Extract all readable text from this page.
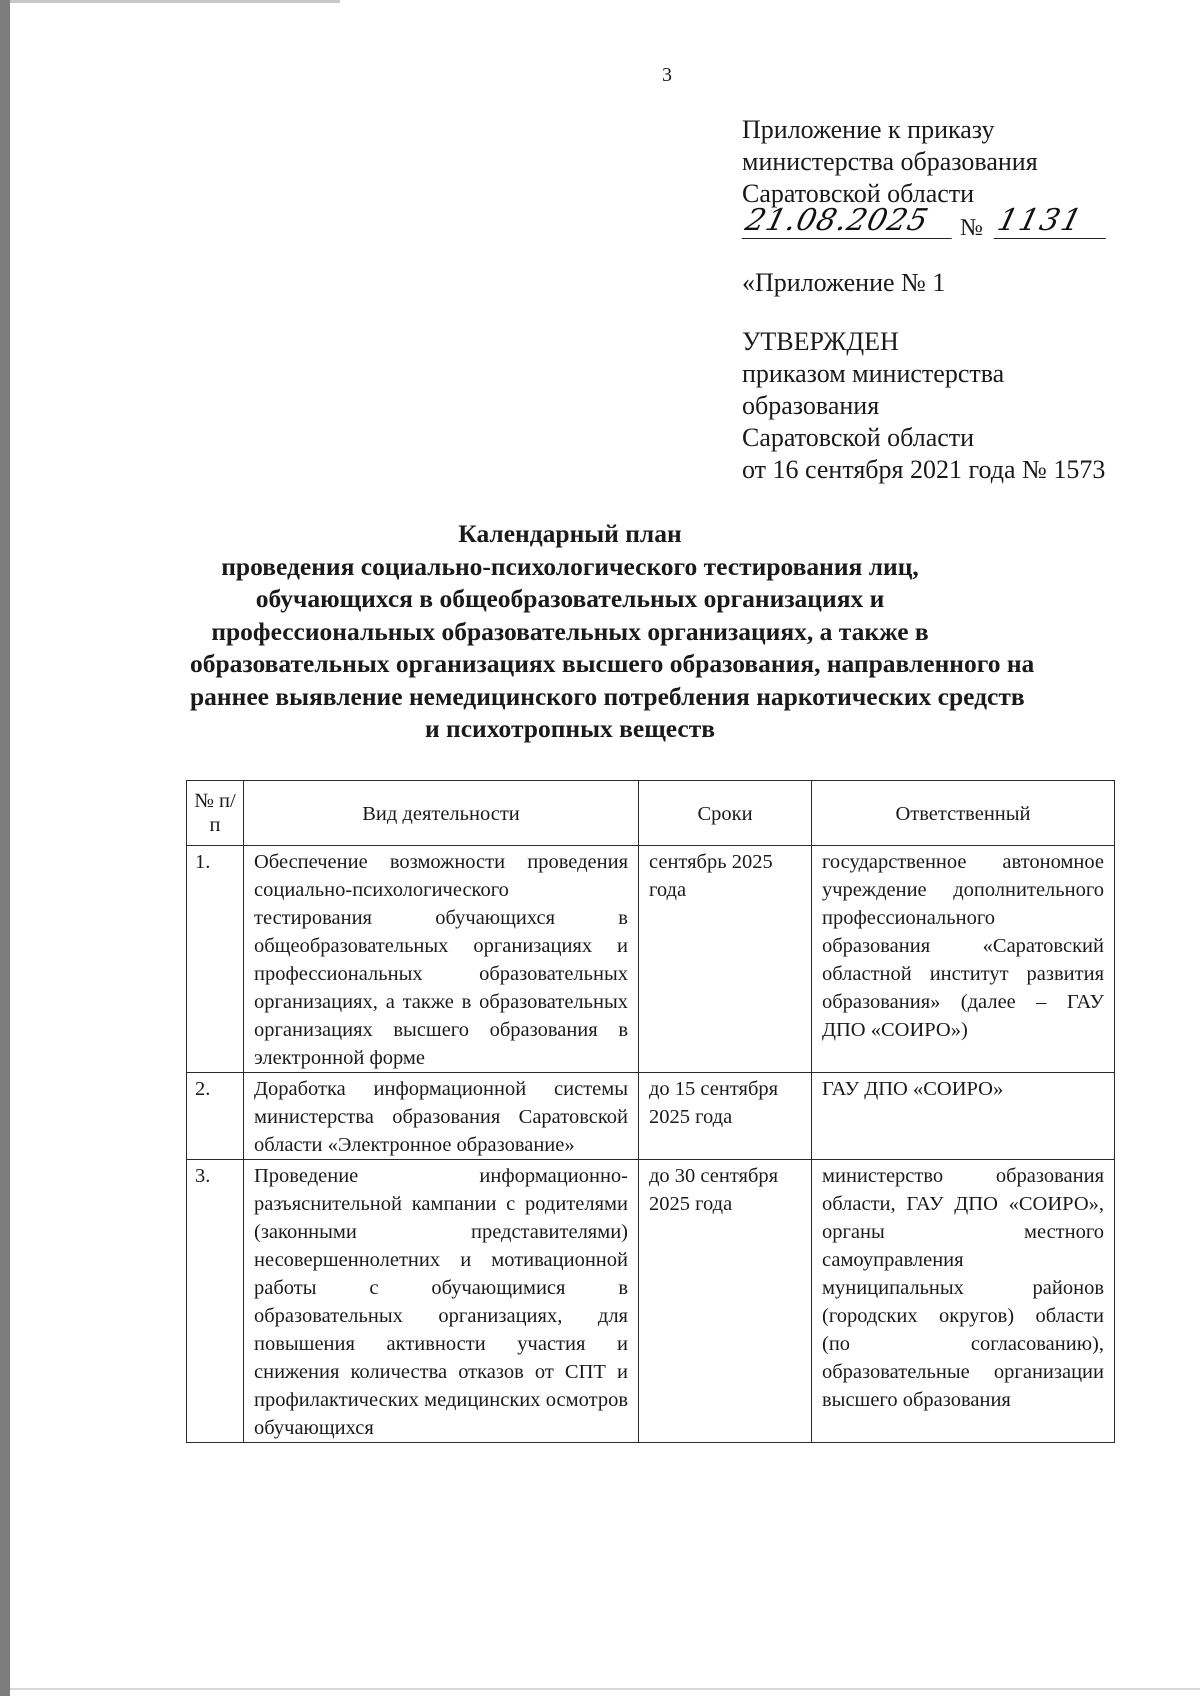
3
Приложение к приказу
министерства образования
Саратовской области
21.08.2025	№ 1131
«Приложение № 1
УТВЕРЖДЕН
приказом министерства
образования
Саратовской области
от 16 сентября 2021 года № 1573
Календарный план
проведения социально-психологического тестирования лиц,
обучающихся в общеобразовательных организациях и
профессиональных образовательных организациях, а также в
образовательных организациях высшего образования, направленного на
раннее выявление немедицинского потребления наркотических средств
и психотропных веществ
№ п/п	Вид деятельности	Сроки	Ответственный
1.	Обеспечение возможности проведения социально-психологического тестирования обучающихся в общеобразовательных организациях и профессиональных образовательных организациях, а также в образовательных организациях высшего образования в электронной форме	сентябрь 2025 года	государственное автономное учреждение дополнительного профессионального образования «Саратовский областной институт развития образования» (далее – ГАУ ДПО «СОИРО»)
2.	Доработка информационной системы министерства образования Саратовской области «Электронное образование»	до 15 сентября 2025 года	ГАУ ДПО «СОИРО»
3.	Проведение информационно-разъяснительной кампании с родителями (законными представителями) несовершеннолетних и мотивационной работы с обучающимися в образовательных организациях, для повышения активности участия и снижения количества отказов от СПТ и профилактических медицинских осмотров обучающихся	до 30 сентября 2025 года	министерство образования области, ГАУ ДПО «СОИРО», органы местного самоуправления муниципальных районов (городских округов) области (по согласованию), образовательные организации высшего образования
